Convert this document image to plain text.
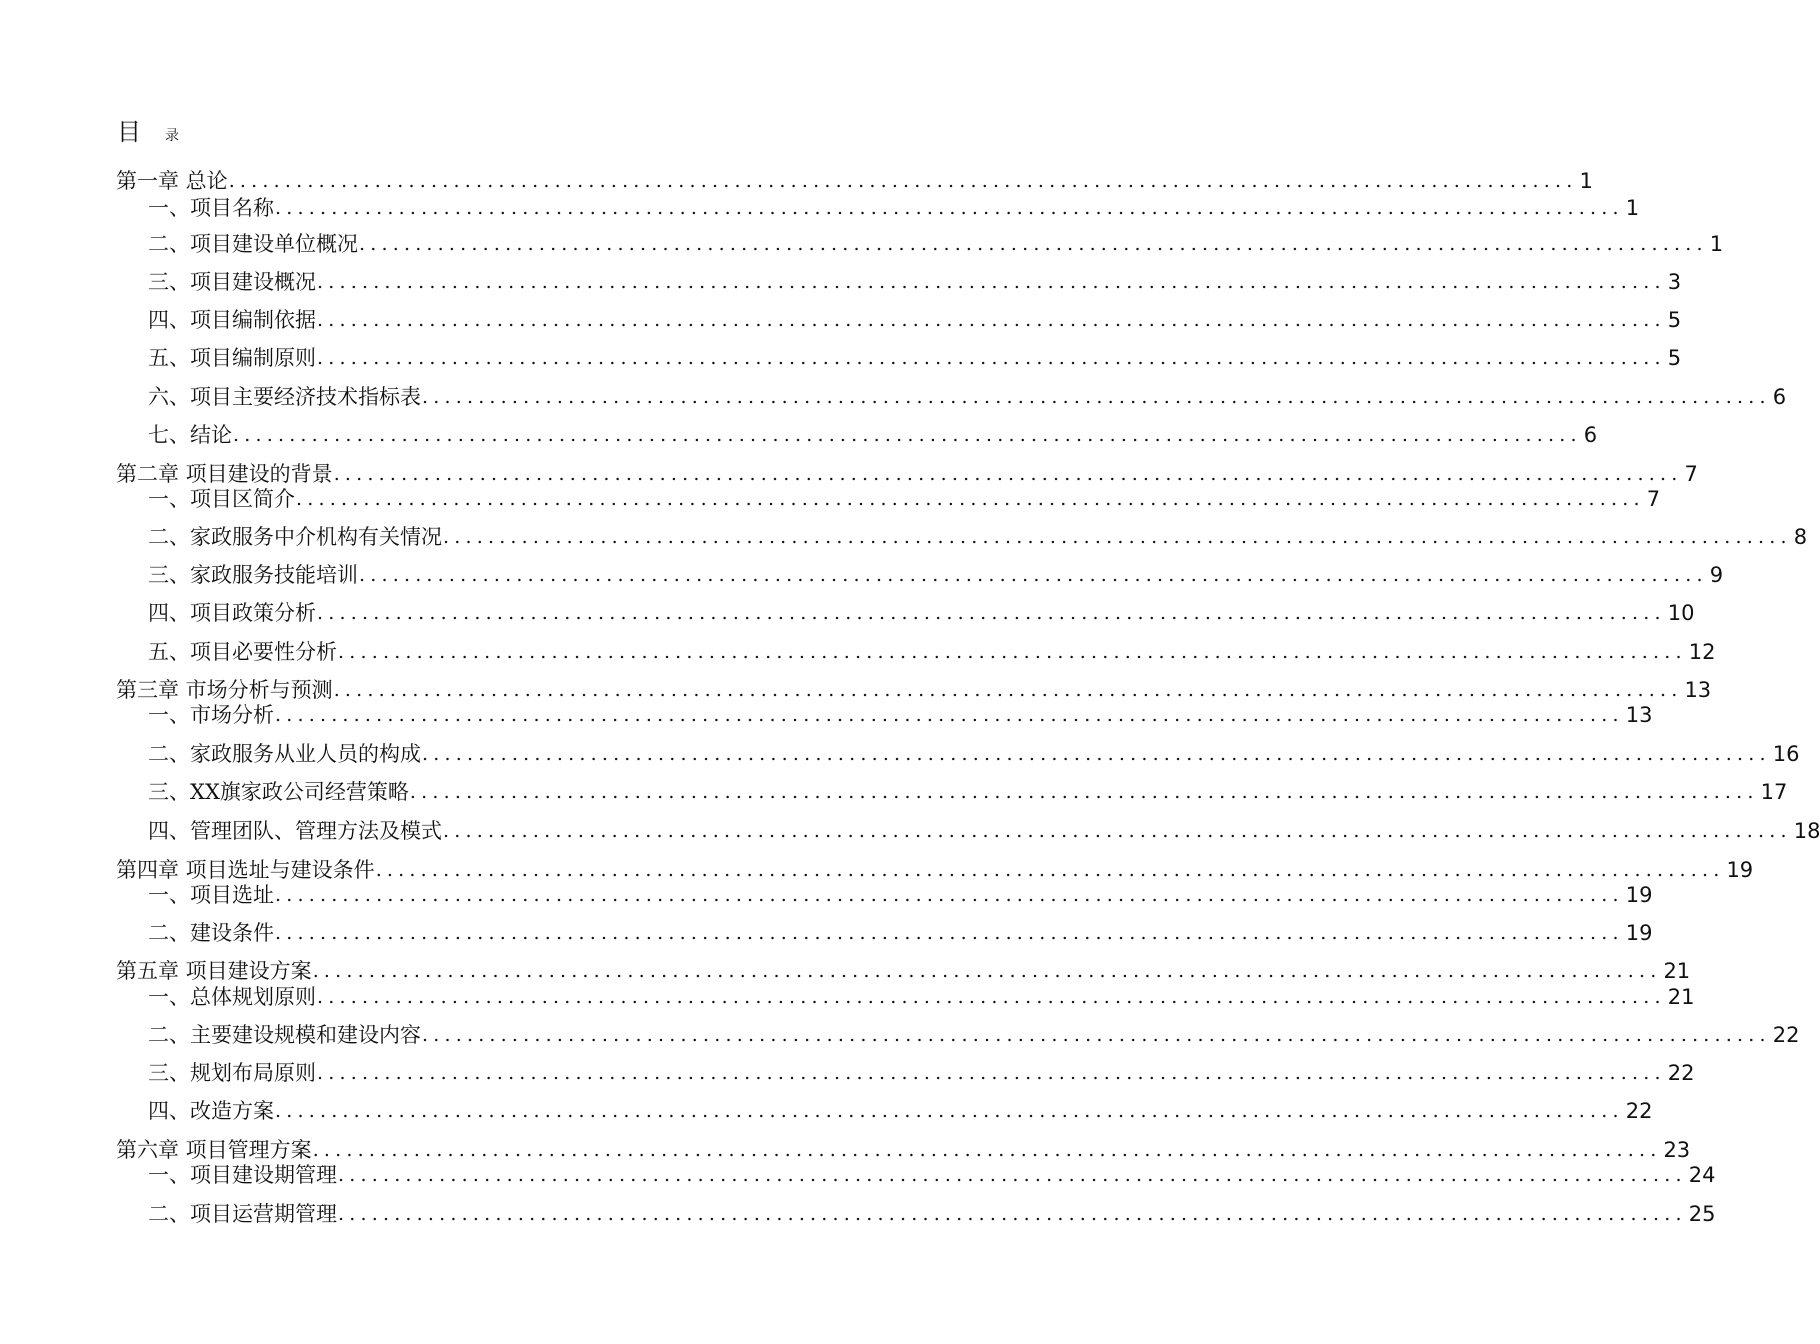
目 录
第一章 总论 ........................................................................................................................ 1
一、项目名称 ........................................................................................................................ 1
二、项目建设单位概况 ........................................................................................................................ 1
三、项目建设概况 ........................................................................................................................ 3
四、项目编制依据 ........................................................................................................................ 5
五、项目编制原则 ........................................................................................................................ 5
六、项目主要经济技术指标表 ........................................................................................................................ 6
七、结论 ........................................................................................................................ 6
第二章 项目建设的背景 ........................................................................................................................ 7
一、项目区简介 ........................................................................................................................ 7
二、家政服务中介机构有关情况 ........................................................................................................................ 8
三、家政服务技能培训 ........................................................................................................................ 9
四、项目政策分析 ........................................................................................................................ 10
五、项目必要性分析 ........................................................................................................................ 12
第三章 市场分析与预测 ........................................................................................................................ 13
一、市场分析 ........................................................................................................................ 13
二、家政服务从业人员的构成 ........................................................................................................................ 16
三、XX旗家政公司经营策略 ........................................................................................................................ 17
四、管理团队、管理方法及模式 ........................................................................................................................ 18
第四章 项目选址与建设条件 ........................................................................................................................ 19
一、项目选址 ........................................................................................................................ 19
二、建设条件 ........................................................................................................................ 19
第五章 项目建设方案 ........................................................................................................................ 21
一、总体规划原则 ........................................................................................................................ 21
二、主要建设规模和建设内容 ........................................................................................................................ 22
三、规划布局原则 ........................................................................................................................ 22
四、改造方案 ........................................................................................................................ 22
第六章 项目管理方案 ........................................................................................................................ 23
一、项目建设期管理 ........................................................................................................................ 24
二、项目运营期管理 ........................................................................................................................ 25
